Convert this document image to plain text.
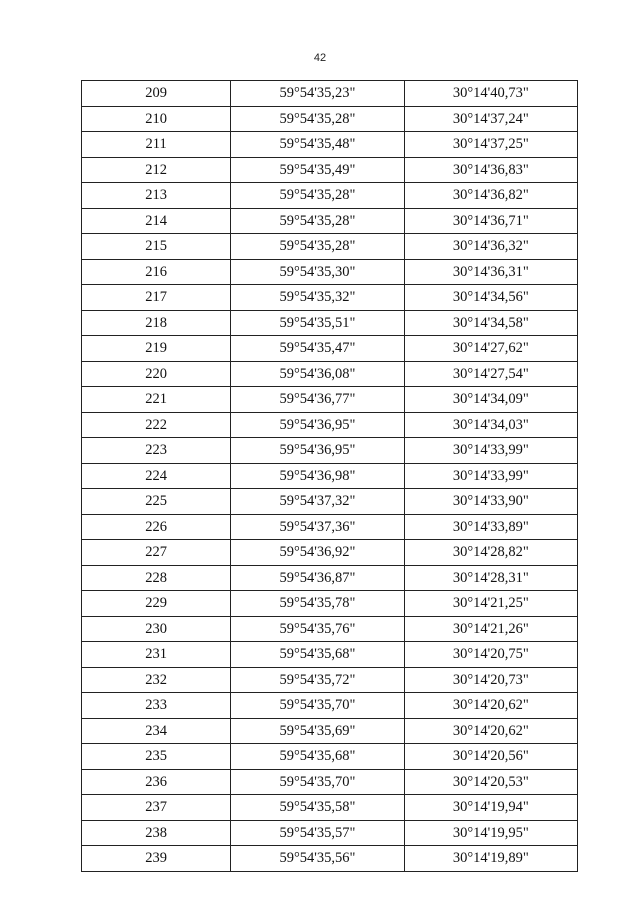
42
209	59°54'35,23"	30°14'40,73"
210	59°54'35,28"	30°14'37,24"
211	59°54'35,48"	30°14'37,25"
212	59°54'35,49"	30°14'36,83"
213	59°54'35,28"	30°14'36,82"
214	59°54'35,28"	30°14'36,71"
215	59°54'35,28"	30°14'36,32"
216	59°54'35,30"	30°14'36,31"
217	59°54'35,32"	30°14'34,56"
218	59°54'35,51"	30°14'34,58"
219	59°54'35,47"	30°14'27,62"
220	59°54'36,08"	30°14'27,54"
221	59°54'36,77"	30°14'34,09"
222	59°54'36,95"	30°14'34,03"
223	59°54'36,95"	30°14'33,99"
224	59°54'36,98"	30°14'33,99"
225	59°54'37,32"	30°14'33,90"
226	59°54'37,36"	30°14'33,89"
227	59°54'36,92"	30°14'28,82"
228	59°54'36,87"	30°14'28,31"
229	59°54'35,78"	30°14'21,25"
230	59°54'35,76"	30°14'21,26"
231	59°54'35,68"	30°14'20,75"
232	59°54'35,72"	30°14'20,73"
233	59°54'35,70"	30°14'20,62"
234	59°54'35,69"	30°14'20,62"
235	59°54'35,68"	30°14'20,56"
236	59°54'35,70"	30°14'20,53"
237	59°54'35,58"	30°14'19,94"
238	59°54'35,57"	30°14'19,95"
239	59°54'35,56"	30°14'19,89"
